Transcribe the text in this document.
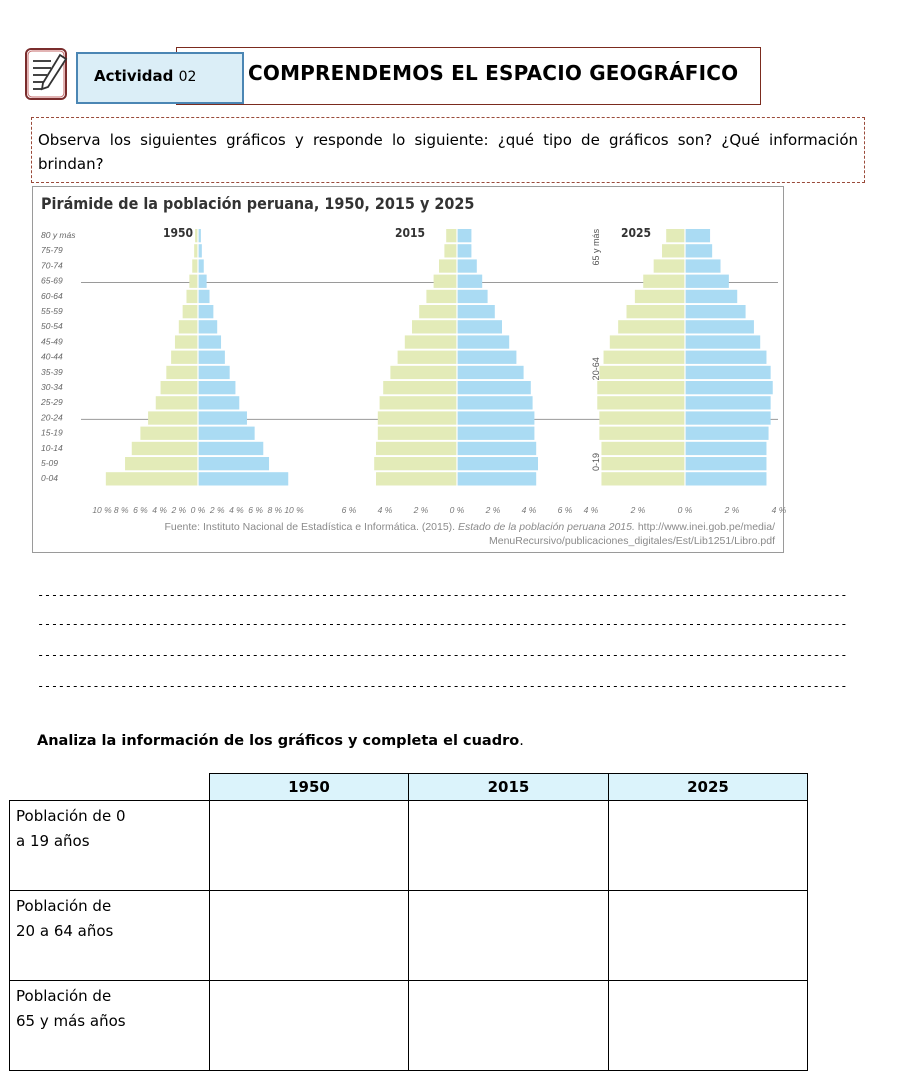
COMPRENDEMOS EL ESPACIO GEOGRÁFICO
Actividad 02
Observa los siguientes gráficos y responde lo siguiente: ¿qué tipo de gráficos son? ¿Qué información brindan?
Pirámide de la población peruana, 1950, 2015 y 2025
0-04
5-09
10-14
15-19
20-24
25-29
30-34
35-39
40-44
45-49
50-54
55-59
60-64
65-69
70-74
75-79
80 y más	1950
10 % 8 % 6 % 4 % 2 % 0 % 2 % 4 % 6 % 8 % 10 %
2015
6 %	4 %	2 %	0 %	2 %	4 %	6 %
2025
4 %	2 %	0 %	2 %	4 %
0-19
20-64
65 y más
Fuente: Instituto Nacional de Estadística e Informática. (2015). Estado de la población peruana 2015. http://www.inei.gob.pe/media/
MenuRecursivo/publicaciones_digitales/Est/Lib1251/Libro.pdf
---------------------------------------------------------------------------------------------------------------------
---------------------------------------------------------------------------------------------------------------------
---------------------------------------------------------------------------------------------------------------------
---------------------------------------------------------------------------------------------------------------------
Analiza la información de los gráficos y completa el cuadro.
	1950	2015	2025

Población de 0
a 19 años			

Población de
20 a 64 años			

Población de
65 y más años			
